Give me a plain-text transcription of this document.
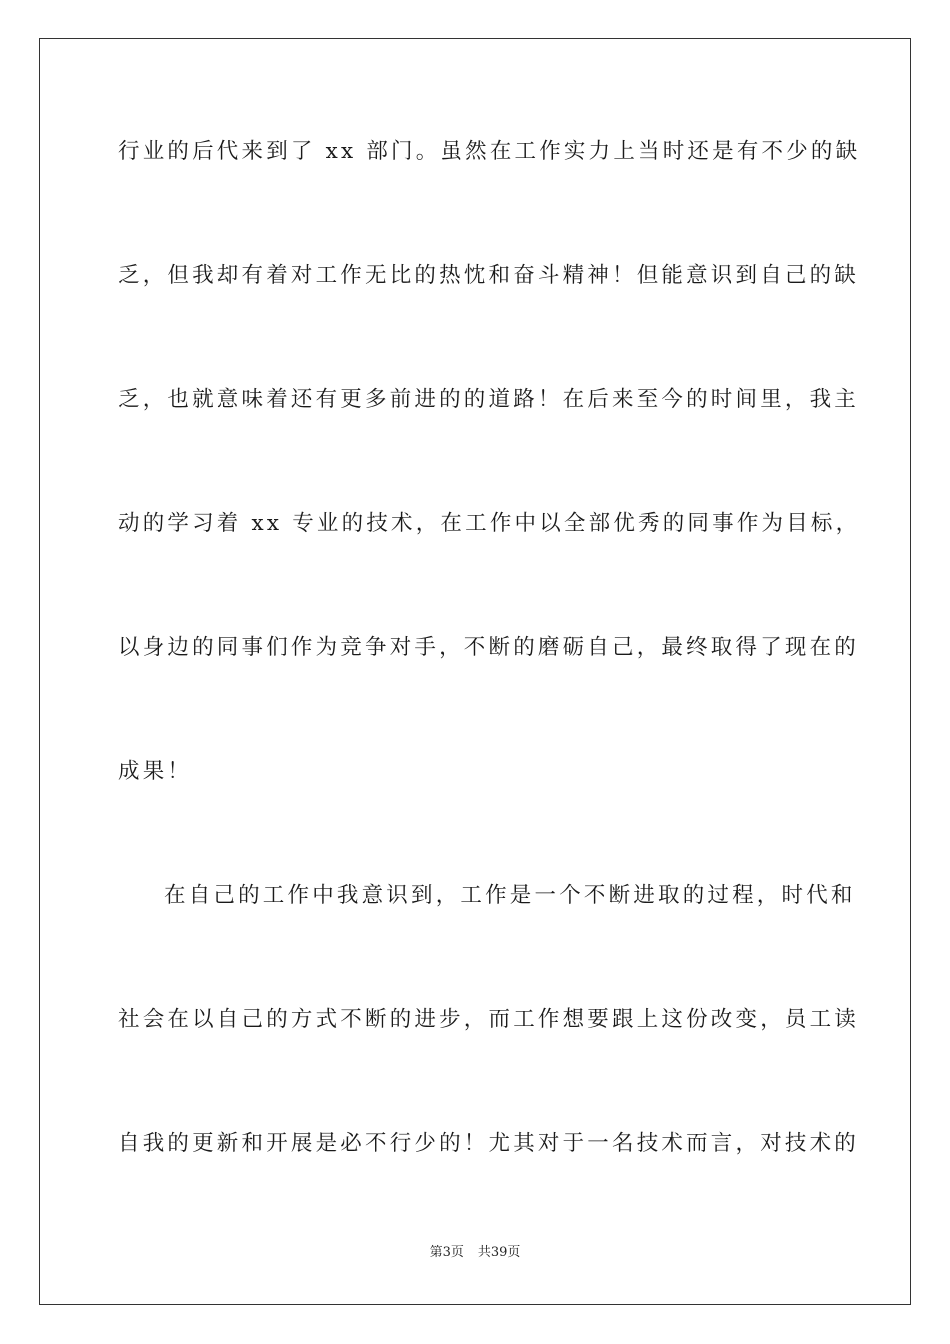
行业的后代来到了 xx 部门。虽然在工作实力上当时还是有不少的缺
乏，但我却有着对工作无比的热忱和奋斗精神！但能意识到自己的缺
乏，也就意味着还有更多前进的的道路！在后来至今的时间里，我主
动的学习着 xx 专业的技术，在工作中以全部优秀的同事作为目标，
以身边的同事们作为竞争对手，不断的磨砺自己，最终取得了现在的
成果！
在自己的工作中我意识到，工作是一个不断进取的过程，时代和
社会在以自己的方式不断的进步，而工作想要跟上这份改变，员工读
自我的更新和开展是必不行少的！尤其对于一名技术而言，对技术的
第3页 共39页
